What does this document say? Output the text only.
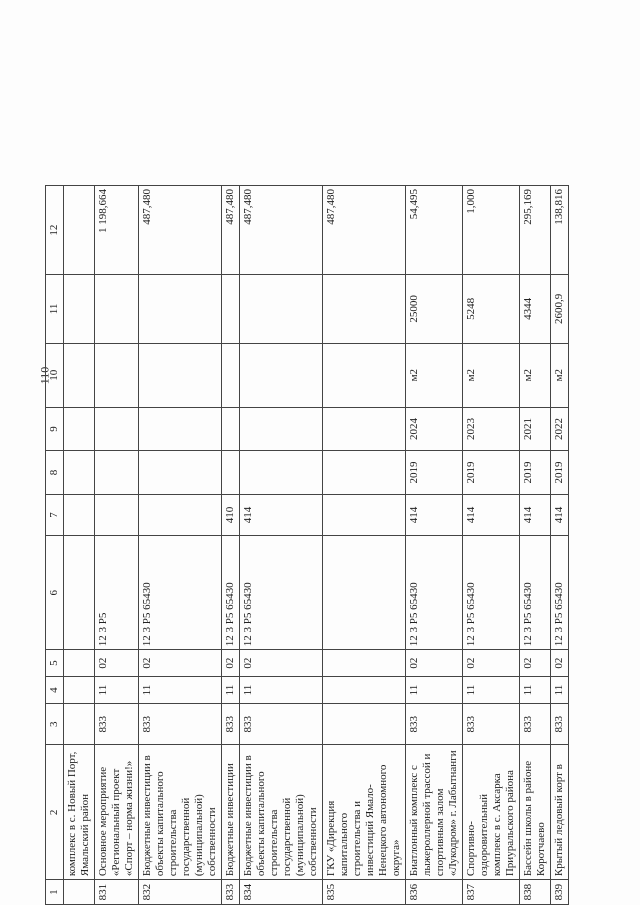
110
1	2	3	4	5	6	7	8	9	10	11	12
	комплекс в с. Новый Порт, Ямальский район										
831	Основное мероприятие «Региональный проект «Спорт – норма жизни!»	833	11	02	12 3 P5						1 198,664
832	Бюджетные инвестиции в объекты капитального строительства государственной (муниципальной) собственности	833	11	02	12 3 P5 65430						487,480
833	Бюджетные инвестиции	833	11	02	12 3 P5 65430	410					487,480
834	Бюджетные инвестиции в объекты капитального строительства государственной (муниципальной) собственности	833	11	02	12 3 P5 65430	414					487,480
835	ГКУ «Дирекция капитального строительства и инвестиций Ямало-Ненецкого автономного округа»										487,480
836	Биатлонный комплекс с лыжероллерной трассой и спортивным залом «Лукодром» г. Лабытнанги	833	11	02	12 3 P5 65430	414	2019	2024	м2	25000	54,495
837	Спортивно-оздоровительный комплекс в с. Аксарка Приуральского района	833	11	02	12 3 P5 65430	414	2019	2023	м2	5248	1,000
838	Бассейн школы в районе Коротчаево	833	11	02	12 3 P5 65430	414	2019	2021	м2	4344	295,169
839	Крытый ледовый корт в	833	11	02	12 3 P5 65430	414	2019	2022	м2	2600,9	138,816
